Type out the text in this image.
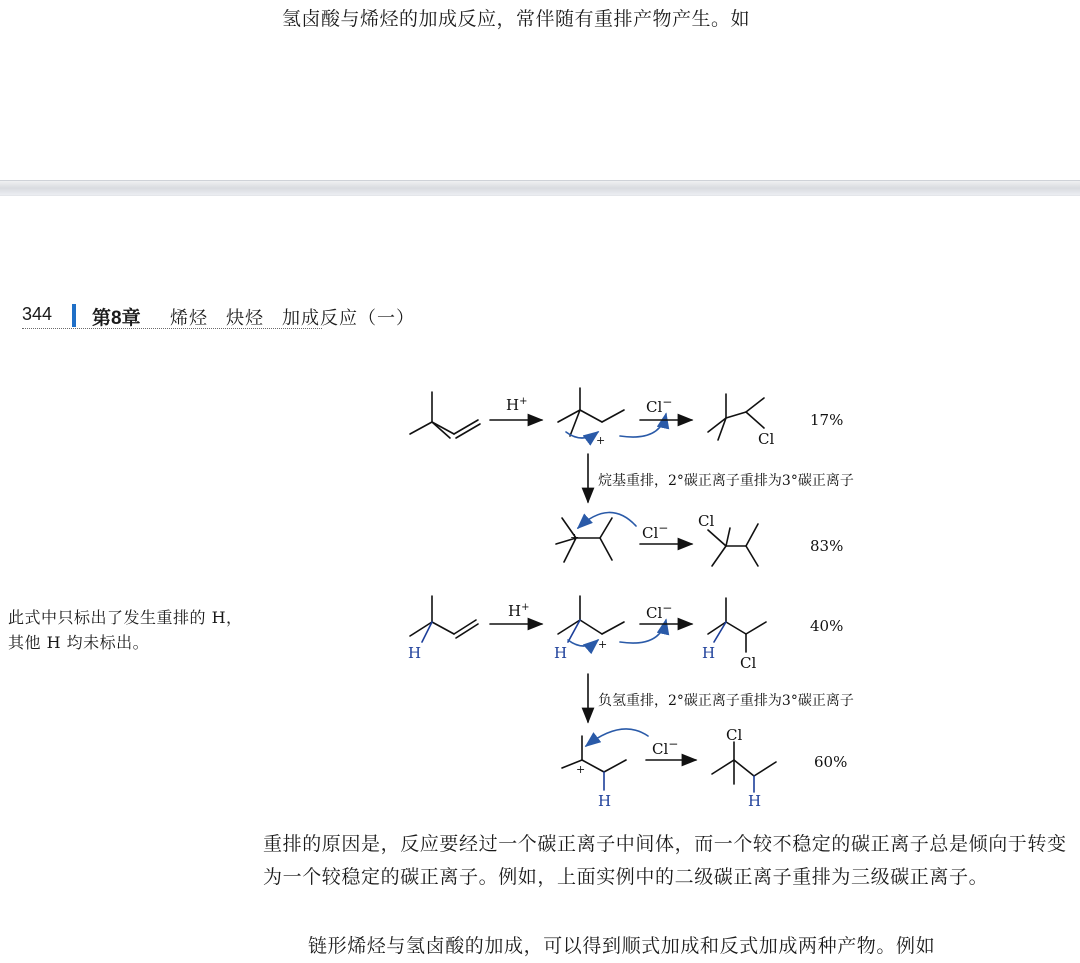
氢卤酸与烯烃的加成反应，常伴随有重排产物产生。如
344 第8章 烯烃   炔烃   加成反应（一）
此式中只标出了发生重排的 H，其他 H 均未标出。
H+	Cl−
+	Cl
17%
烷基重排，2°碳正离子重排为3°碳正离子
+	Cl− Cl
83%
H+	Cl−
+
40%
Cl
负氢重排，2°碳正离子重排为3°碳正离子
+
Cl−	Cl
60%
H	H	H
H	H
重排的原因是，反应要经过一个碳正离子中间体，而一个较不稳定的碳正离子总是倾向于转变为一个较稳定的碳正离子。例如，上面实例中的二级碳正离子重排为三级碳正离子。
链形烯烃与氢卤酸的加成，可以得到顺式加成和反式加成两种产物。例如
